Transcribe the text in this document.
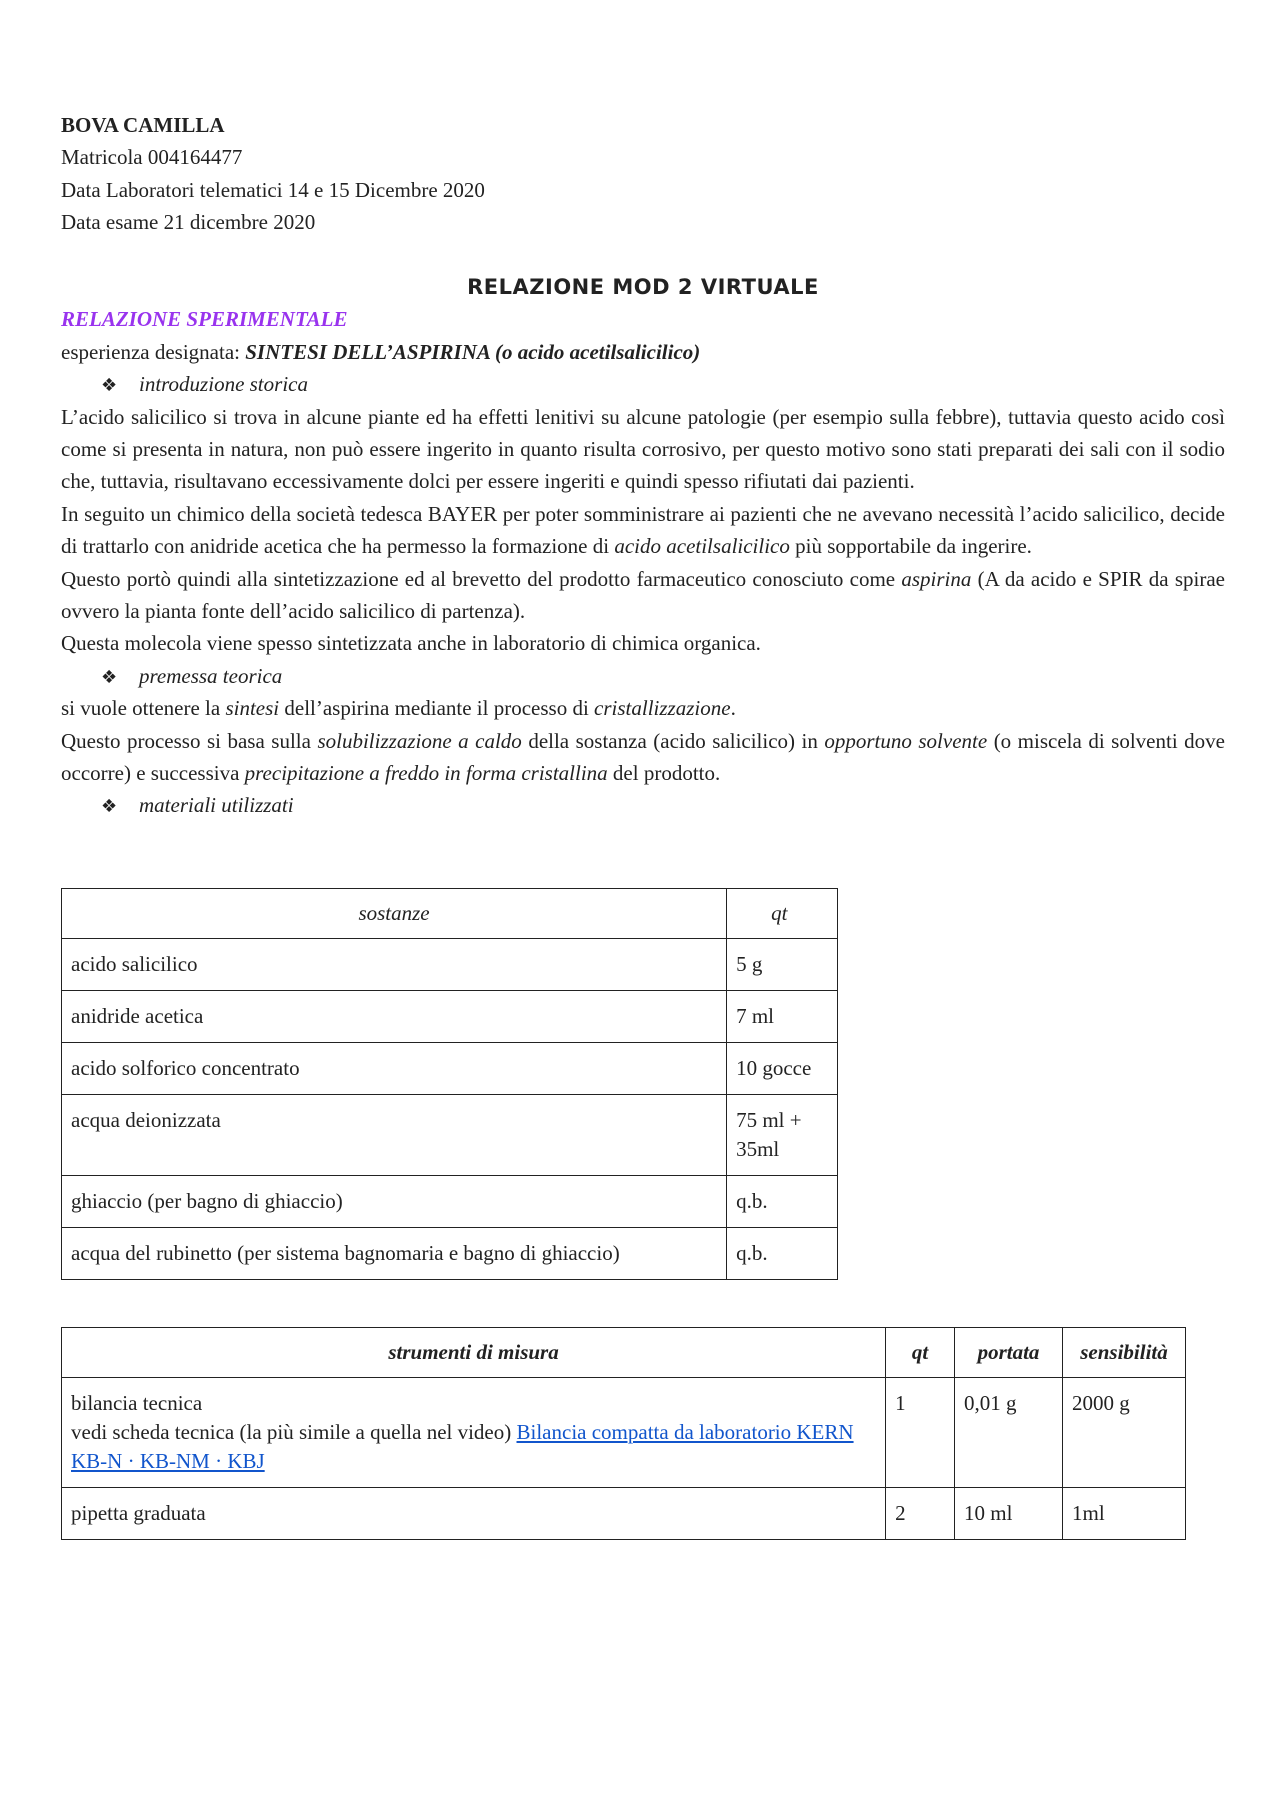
BOVA CAMILLA
Matricola 004164477
Data Laboratori telematici 14 e 15 Dicembre 2020
Data esame 21 dicembre 2020
RELAZIONE MOD 2 VIRTUALE
RELAZIONE SPERIMENTALE
esperienza designata: SINTESI DELL’ASPIRINA (o acido acetilsalicilico)
❖ introduzione storica
L’acido salicilico si trova in alcune piante ed ha effetti lenitivi su alcune patologie (per esempio sulla febbre), tuttavia questo acido così come si presenta in natura, non può essere ingerito in quanto risulta corrosivo, per questo motivo sono stati preparati dei sali con il sodio che, tuttavia, risultavano eccessivamente dolci per essere ingeriti e quindi spesso rifiutati dai pazienti.
In seguito un chimico della società tedesca BAYER per poter somministrare ai pazienti che ne avevano necessità l’acido salicilico, decide di trattarlo con anidride acetica che ha permesso la formazione di acido acetilsalicilico più sopportabile da ingerire.
Questo portò quindi alla sintetizzazione ed al brevetto del prodotto farmaceutico conosciuto come aspirina (A da acido e SPIR da spirae ovvero la pianta fonte dell’acido salicilico di partenza).
Questa molecola viene spesso sintetizzata anche in laboratorio di chimica organica.
❖ premessa teorica
si vuole ottenere la sintesi dell’aspirina mediante il processo di cristallizzazione.
Questo processo si basa sulla solubilizzazione a caldo della sostanza (acido salicilico) in opportuno solvente (o miscela di solventi dove occorre) e successiva precipitazione a freddo in forma cristallina del prodotto.
❖ materiali utilizzati
sostanze	qt
acido salicilico	5 g
anidride acetica	7 ml
acido solforico concentrato	10 gocce
acqua deionizzata	75 ml + 35ml
ghiaccio (per bagno di ghiaccio)	q.b.
acqua del rubinetto (per sistema bagnomaria e bagno di ghiaccio)	q.b.
strumenti di misura	qt	portata	sensibilità

bilancia tecnica
vedi scheda tecnica (la più simile a quella nel video) Bilancia compatta da laboratorio KERN KB-N · KB-NM · KBJ	1	0,01 g	2000 g
pipetta graduata	2	10 ml	1ml
